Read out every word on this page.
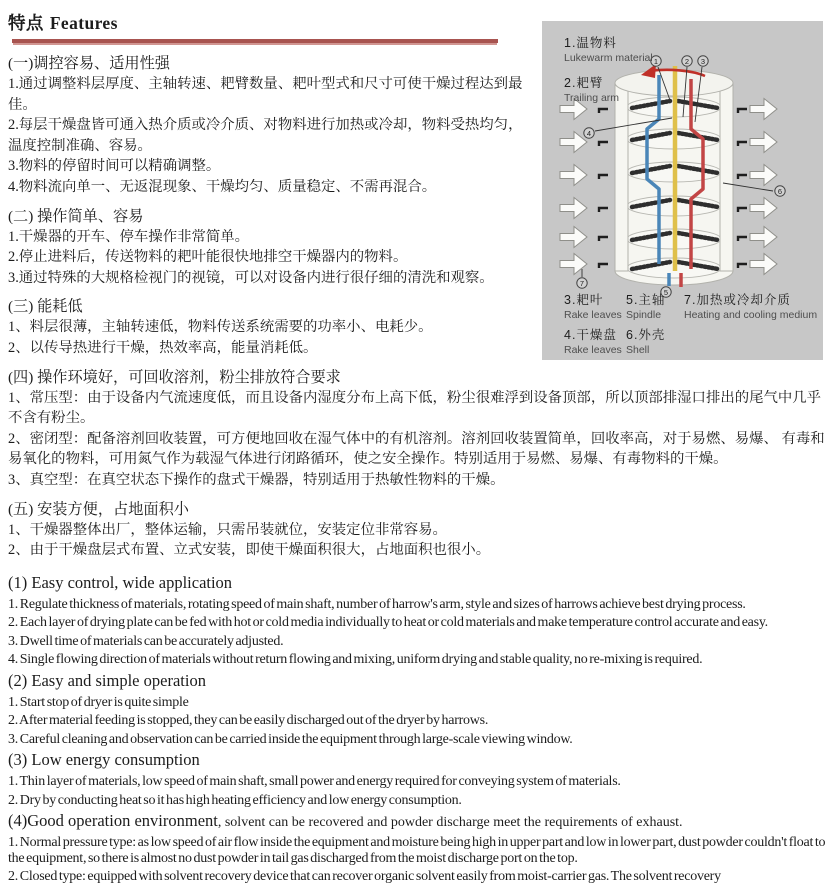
1	2 3
4
5
6
7
1.温物料
Lukewarm material
2.耙臂
Trailing arm
3.耙叶
Rake leaves
5.主轴
Spindle
7.加热或冷却介质
Heating and cooling medium
4.干燥盘
Rake leaves
6.外壳
Shell
特点 Features
(一)调控容易、适用性强

1.通过调整料层厚度、主轴转速、耙臂数量、耙叶型式和尺寸可使干燥过程达到最佳。

2.每层干燥盘皆可通入热介质或冷介质、对物料进行加热或冷却，物料受热均匀，温度控制准确、容易。

3.物料的停留时间可以精确调整。

4.物料流向单一、无返混现象、干燥均匀、质量稳定、不需再混合。

(二) 操作简单、容易

1.干燥器的开车、停车操作非常简单。

2.停止进料后，传送物料的耙叶能很快地排空干燥器内的物料。

3.通过特殊的大规格检视门的视镜，可以对设备内进行很仔细的清洗和观察。

(三) 能耗低

1、料层很薄，主轴转速低，物料传送系统需要的功率小、电耗少。

2、以传导热进行干燥，热效率高，能量消耗低。

(四) 操作环境好，可回收溶剂，粉尘排放符合要求

1、常压型：由于设备内气流速度低，而且设备内湿度分布上高下低，粉尘很难浮到设备顶部，所以顶部排湿口排出的尾气中几乎不含有粉尘。

2、密闭型：配备溶剂回收装置，可方便地回收在湿气体中的有机溶剂。溶剂回收装置简单，回收率高，对于易燃、易爆、 有毒和易氧化的物料，可用氮气作为载湿气体进行闭路循环，使之安全操作。特别适用于易燃、易爆、有毒物料的干燥。

3、真空型：在真空状态下操作的盘式干燥器，特别适用于热敏性物料的干燥。

(五) 安装方便，占地面积小

1、干燥器整体出厂，整体运输，只需吊装就位，安装定位非常容易。

2、由于干燥盘层式布置、立式安装，即使干燥面积很大，占地面积也很小。

(1) Easy control, wide application

1. Regulate thickness of materials, rotating speed of main shaft, number of harrow's arm, style and sizes of harrows achieve best drying process.

2. Each layer of drying plate can be fed with hot or cold media individually to heat or cold materials and make temperature control accurate and easy.

3. Dwell time of materials can be accurately adjusted.

4. Single flowing direction of materials without return flowing and mixing, uniform drying and stable quality, no re-mixing is required.

(2) Easy and simple operation

1. Start stop of dryer is quite simple

2. After material feeding is stopped, they can be easily discharged out of the dryer by harrows.

3. Careful cleaning and observation can be carried inside the equipment through large-scale viewing window.

(3) Low energy consumption

1. Thin layer of materials, low speed of main shaft, small power and energy required for conveying system of materials.

2. Dry by conducting heat so it has high heating efficiency and low energy consumption.

(4)Good operation environment, solvent can be recovered and powder discharge meet the requirements of exhaust.

1. Normal pressure type: as low speed of air flow inside the equipment and moisture being high in upper part and low in lower part, dust powder couldn't float to the equipment, so there is almost no dust powder in tail gas discharged from the moist discharge port on the top.

2. Closed type: equipped with solvent recovery device that can recover organic solvent easily from moist-carrier gas. The solvent recovery
